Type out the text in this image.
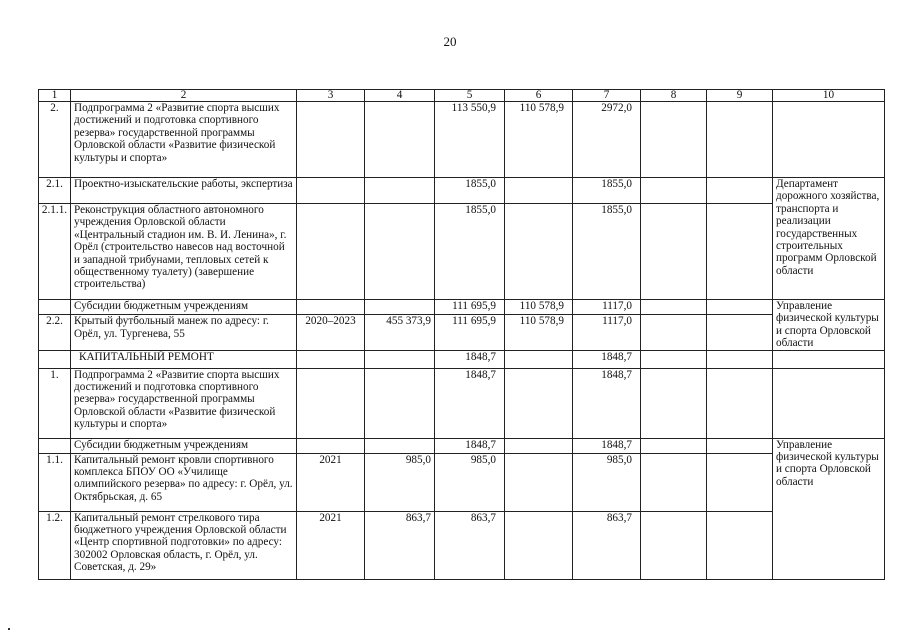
20
1	2	3	4	5	6	7	8	9	10
2.	Подпрограмма 2 «Развитие спорта высших достижений и подготовка спортивного резерва» государственной программы Орловской области «Развитие физической культуры и спорта»			113 550,9	110 578,9	2972,0			
2.1.	Проектно-изыскательские работы, экспертиза			1855,0		1855,0			Департамент дорожного хозяйства, транспорта и реализации государственных строительных программ Орловской области
2.1.1.	Реконструкция областного автономного учреждения Орловской области «Центральный стадион им. В. И. Ленина», г. Орёл (строительство навесов над восточной и западной трибунами, тепловых сетей к общественному туалету) (завершение строительства)			1855,0		1855,0			
	Субсидии бюджетным учреждениям			111 695,9	110 578,9	1117,0			Управление физической культуры и спорта Орловской области
2.2.	Крытый футбольный манеж по адресу: г. Орёл, ул. Тургенева, 55	2020–2023	455 373,9	111 695,9	110 578,9	1117,0			
	КАПИТАЛЬНЫЙ РЕМОНТ			1848,7		1848,7			
1.	Подпрограмма 2 «Развитие спорта высших достижений и подготовка спортивного резерва» государственной программы Орловской области «Развитие физической культуры и спорта»			1848,7		1848,7			
	Субсидии бюджетным учреждениям			1848,7		1848,7			Управление физической культуры и спорта Орловской области
1.1.	Капитальный ремонт кровли спортивного комплекса БПОУ ОО «Училище олимпийского резерва» по адресу: г. Орёл, ул. Октябрьская, д. 65	2021	985,0	985,0		985,0			
1.2.	Капитальный ремонт стрелкового тира бюджетного учреждения Орловской области «Центр спортивной подготовки» по адресу: 302002 Орловская область, г. Орёл, ул. Советская, д. 29»	2021	863,7	863,7		863,7			
